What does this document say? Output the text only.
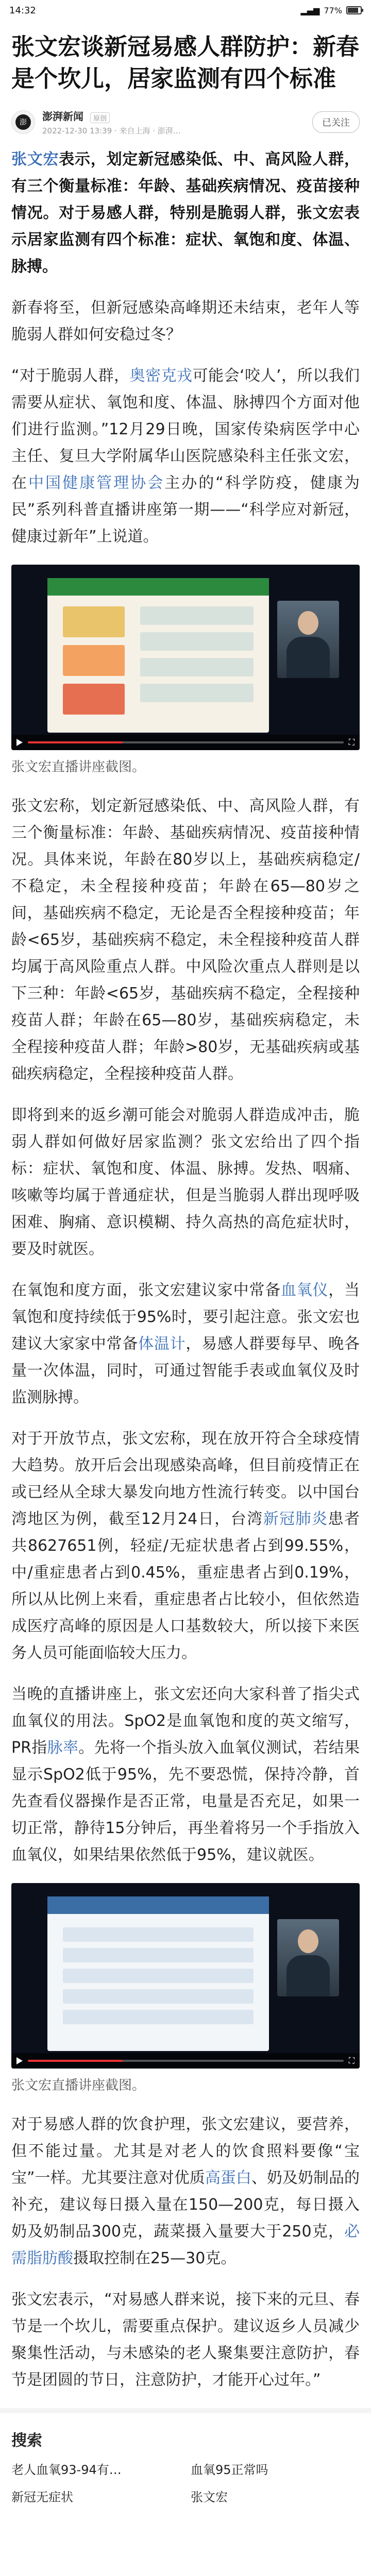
14:32	▂▄▆ 77%
张文宏谈新冠易感人群防护：新春是个坎儿，居家监测有四个标准
澎	澎湃新闻 原创
2022-12-30 13:39 · 来自上海 · 澎湃…
已关注

张文宏表示，划定新冠感染低、中、高风险人群，有三个衡量标准：年龄、基础疾病情况、疫苗接种情况。对于易感人群，特别是脆弱人群，张文宏表示居家监测有四个标准：症状、氧饱和度、体温、脉搏。

新春将至，但新冠感染高峰期还未结束，老年人等脆弱人群如何安稳过冬？

“对于脆弱人群，奥密克戎可能会‘咬人’，所以我们需要从症状、氧饱和度、体温、脉搏四个方面对他们进行监测。”12月29日晚，国家传染病医学中心主任、复旦大学附属华山医院感染科主任张文宏，在中国健康管理协会主办的“科学防疫，健康为民”系列科普直播讲座第一期——“科学应对新冠，健康过新年”上说道。

⛶
张文宏直播讲座截图。

张文宏称，划定新冠感染低、中、高风险人群，有三个衡量标准：年龄、基础疾病情况、疫苗接种情况。具体来说，年龄在80岁以上，基础疾病稳定/不稳定，未全程接种疫苗；年龄在65—80岁之间，基础疾病不稳定，无论是否全程接种疫苗；年龄<65岁，基础疾病不稳定，未全程接种疫苗人群均属于高风险重点人群。中风险次重点人群则是以下三种：年龄<65岁，基础疾病不稳定，全程接种疫苗人群；年龄在65—80岁，基础疾病稳定，未全程接种疫苗人群；年龄>80岁，无基础疾病或基础疾病稳定，全程接种疫苗人群。

即将到来的返乡潮可能会对脆弱人群造成冲击，脆弱人群如何做好居家监测？张文宏给出了四个指标：症状、氧饱和度、体温、脉搏。发热、咽痛、咳嗽等均属于普通症状，但是当脆弱人群出现呼吸困难、胸痛、意识模糊、持久高热的高危症状时，要及时就医。

在氧饱和度方面，张文宏建议家中常备血氧仪，当氧饱和度持续低于95%时，要引起注意。张文宏也建议大家家中常备体温计，易感人群要每早、晚各量一次体温，同时，可通过智能手表或血氧仪及时监测脉搏。

对于开放节点，张文宏称，现在放开符合全球疫情大趋势。放开后会出现感染高峰，但目前疫情正在或已经从全球大暴发向地方性流行转变。以中国台湾地区为例，截至12月24日，台湾新冠肺炎患者共8627651例，轻症/无症状患者占到99.55%，中/重症患者占到0.45%，重症患者占到0.19%，所以从比例上来看，重症患者占比较小，但依然造成医疗高峰的原因是人口基数较大，所以接下来医务人员可能面临较大压力。

当晚的直播讲座上，张文宏还向大家科普了指尖式血氧仪的用法。SpO2是血氧饱和度的英文缩写，PR指脉率。先将一个指头放入血氧仪测试，若结果显示SpO2低于95%，先不要恐慌，保持冷静，首先查看仪器操作是否正常，电量是否充足，如果一切正常，静待15分钟后，再坐着将另一个手指放入血氧仪，如果结果依然低于95%，建议就医。

⛶
张文宏直播讲座截图。

对于易感人群的饮食护理，张文宏建议，要营养，但不能过量。尤其是对老人的饮食照料要像“宝宝”一样。尤其要注意对优质高蛋白、奶及奶制品的补充，建议每日摄入量在150—200克，每日摄入奶及奶制品300克，蔬菜摄入量要大于250克，必需脂肪酸摄取控制在25—30克。

张文宏表示，“对易感人群来说，接下来的元旦、春节是一个坎儿，需要重点保护。建议返乡人员减少聚集性活动，与未感染的老人聚集要注意防护，春节是团圆的节日，注意防护，才能开心过年。”

搜索
老人血氧93-94有…	血氧95正常吗
新冠无症状	张文宏
